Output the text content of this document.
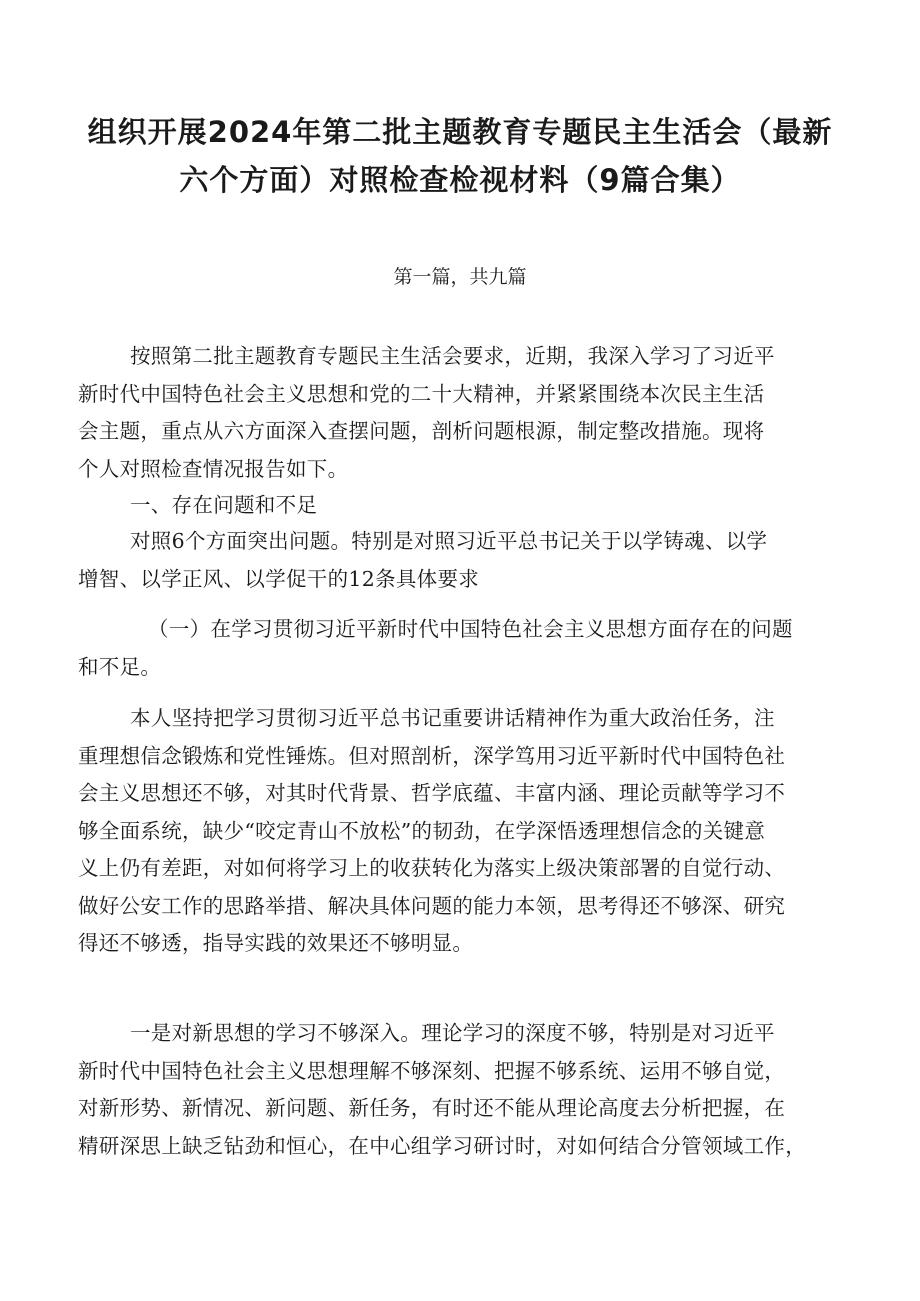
组织开展2024年第二批主题教育专题民主生活会（最新
六个方面）对照检查检视材料（9篇合集）
第一篇，共九篇
按照第二批主题教育专题民主生活会要求，近期，我深入学习了习近平
新时代中国特色社会主义思想和党的二十大精神，并紧紧围绕本次民主生活
会主题，重点从六方面深入查摆问题，剖析问题根源，制定整改措施。现将
个人对照检查情况报告如下。
一、存在问题和不足
对照6个方面突出问题。特别是对照习近平总书记关于以学铸魂、以学
增智、以学正风、以学促干的12条具体要求
（一）在学习贯彻习近平新时代中国特色社会主义思想方面存在的问题
和不足。
本人坚持把学习贯彻习近平总书记重要讲话精神作为重大政治任务，注
重理想信念锻炼和党性锤炼。但对照剖析，深学笃用习近平新时代中国特色社
会主义思想还不够，对其时代背景、哲学底蕴、丰富内涵、理论贡献等学习不
够全面系统，缺少“咬定青山不放松”的韧劲，在学深悟透理想信念的关键意
义上仍有差距，对如何将学习上的收获转化为落实上级决策部署的自觉行动、
做好公安工作的思路举措、解决具体问题的能力本领，思考得还不够深、研究
得还不够透，指导实践的效果还不够明显。
一是对新思想的学习不够深入。理论学习的深度不够，特别是对习近平
新时代中国特色社会主义思想理解不够深刻、把握不够系统、运用不够自觉，
对新形势、新情况、新问题、新任务，有时还不能从理论高度去分析把握，在
精研深思上缺乏钻劲和恒心，在中心组学习研讨时，对如何结合分管领域工作，
